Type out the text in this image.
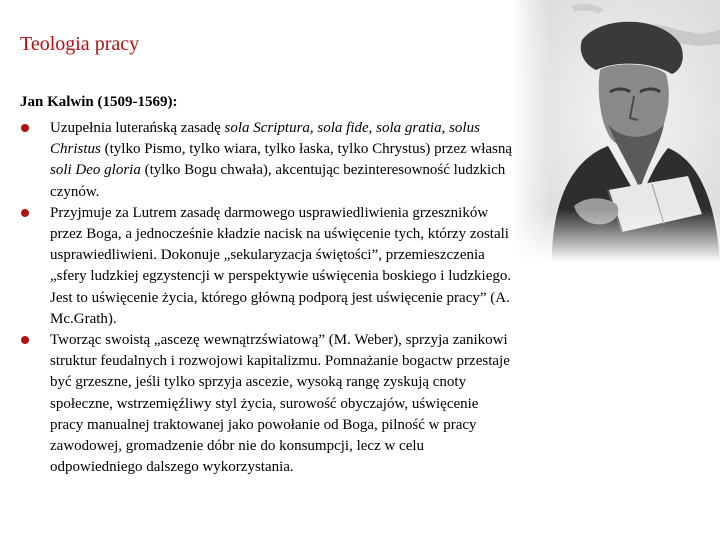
Teologia pracy
Jan Kalwin (1509-1569):
Uzupełnia luterańską zasadę sola Scriptura, sola fide, sola gratia, solus Christus (tylko Pismo, tylko wiara, tylko łaska, tylko Chrystus) przez własną soli Deo gloria (tylko Bogu chwała), akcentując bezinteresowność ludzkich czynów.
Przyjmuje za Lutrem zasadę darmowego usprawiedliwienia grzeszników przez Boga, a jednocześnie kładzie nacisk na uświęcenie tych, którzy zostali usprawiedliwieni. Dokonuje „sekularyzacja świętości”, przemieszczenia „sfery ludzkiej egzystencji w perspektywie uświęcenia boskiego i ludzkiego. Jest to uświęcenie życia, którego główną podporą jest uświęcenie pracy” (A. Mc.Grath).
Tworząc swoistą „ascezę wewnątrzświatową” (M. Weber), sprzyja zanikowi struktur feudalnych i rozwojowi kapitalizmu. Pomnażanie bogactw przestaje być grzeszne, jeśli tylko sprzyja ascezie, wysoką rangę zyskują cnoty społeczne, wstrzemięźliwy styl życia, surowość obyczajów, uświęcenie pracy manualnej traktowanej jako powołanie od Boga, pilność w pracy zawodowej, gromadzenie dóbr nie do konsumpcji, lecz w celu odpowiedniego dalszego wykorzystania.
